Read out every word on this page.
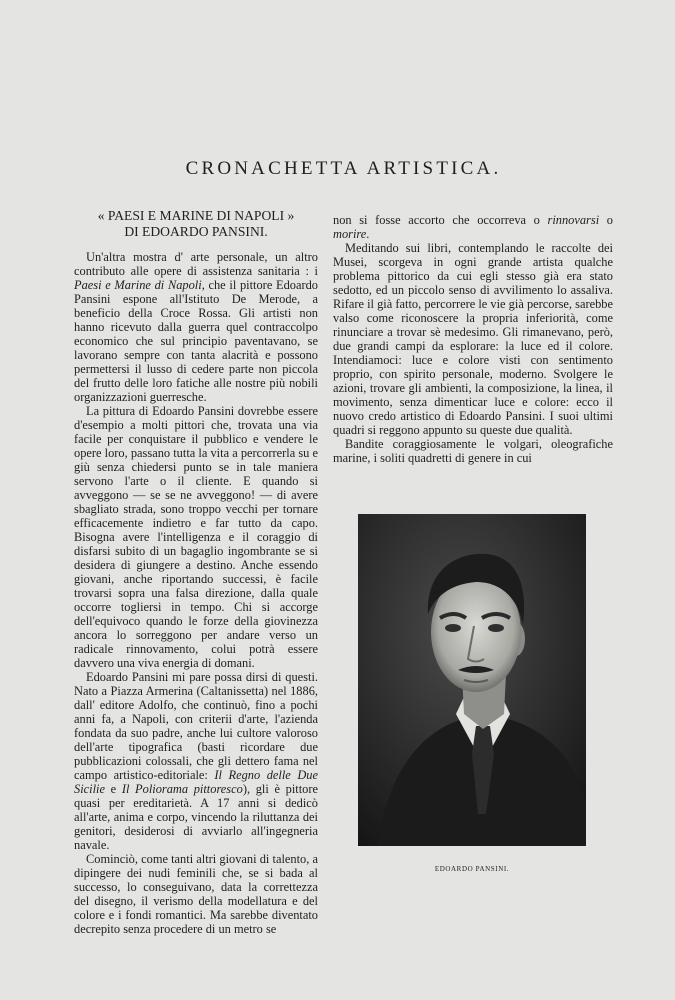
CRONACHETTA ARTISTICA.
« PAESI E MARINE DI NAPOLI »
DI EDOARDO PANSINI.

Un'altra mostra d' arte personale, un altro contributo alle opere di assistenza sanitaria : i Paesi e Marine di Napoli, che il pittore Edoardo Pansini espone all'Istituto De Merode, a beneficio della Croce Rossa. Gli artisti non hanno ricevuto dalla guerra quel contraccolpo economico che sul principio paventavano, se lavorano sempre con tanta alacrità e possono permettersi il lusso di cedere parte non piccola del frutto delle loro fatiche alle nostre più nobili organizzazioni guerresche.

La pittura di Edoardo Pansini dovrebbe essere d'esempio a molti pittori che, trovata una via facile per conquistare il pubblico e vendere le opere loro, passano tutta la vita a percorrerla su e giù senza chiedersi punto se in tale maniera servono l'arte o il cliente. E quando si avveggono — se se ne avveggono! — di avere sbagliato strada, sono troppo vecchi per tornare efficacemente indietro e far tutto da capo. Bisogna avere l'intelligenza e il coraggio di disfarsi subito di un bagaglio ingombrante se si desidera di giungere a destino. Anche essendo giovani, anche riportando successi, è facile trovarsi sopra una falsa direzione, dalla quale occorre togliersi in tempo. Chi si accorge dell'equivoco quando le forze della giovinezza ancora lo sorreggono per andare verso un radicale rinnovamento, colui potrà essere davvero una viva energia di domani.

Edoardo Pansini mi pare possa dirsi di questi. Nato a Piazza Armerina (Caltanissetta) nel 1886, dall' editore Adolfo, che continuò, fino a pochi anni fa, a Napoli, con criterii d'arte, l'azienda fondata da suo padre, anche lui cultore valoroso dell'arte tipografica (basti ricordare due pubblicazioni colossali, che gli dettero fama nel campo artistico-editoriale: Il Regno delle Due Sicilie e Il Poliorama pittoresco), gli è pittore quasi per ereditarietà. A 17 anni si dedicò all'arte, anima e corpo, vincendo la riluttanza dei genitori, desiderosi di avviarlo all'ingegneria navale.

Cominciò, come tanti altri giovani di talento, a dipingere dei nudi feminili che, se si bada al successo, lo conseguivano, data la correttezza del disegno, il verismo della modellatura e del colore e i fondi romantici. Ma sarebbe diventato decrepito senza procedere di un metro se

non si fosse accorto che occorreva o rinnovarsi o morire.

Meditando sui libri, contemplando le raccolte dei Musei, scorgeva in ogni grande artista qualche problema pittorico da cui egli stesso già era stato sedotto, ed un piccolo senso di avvilimento lo assaliva. Rifare il già fatto, percorrere le vie già percorse, sarebbe valso come riconoscere la propria inferiorità, come rinunciare a trovar sè medesimo. Gli rimanevano, però, due grandi campi da esplorare: la luce ed il colore. Intendiamoci: luce e colore visti con sentimento proprio, con spirito personale, moderno. Svolgere le azioni, trovare gli ambienti, la composizione, la linea, il movimento, senza dimenticar luce e colore: ecco il nuovo credo artistico di Edoardo Pansini. I suoi ultimi quadri si reggono appunto su queste due qualità.

Bandite coraggiosamente le volgari, oleografiche marine, i soliti quadretti di genere in cui

EDOARDO PANSINI.
